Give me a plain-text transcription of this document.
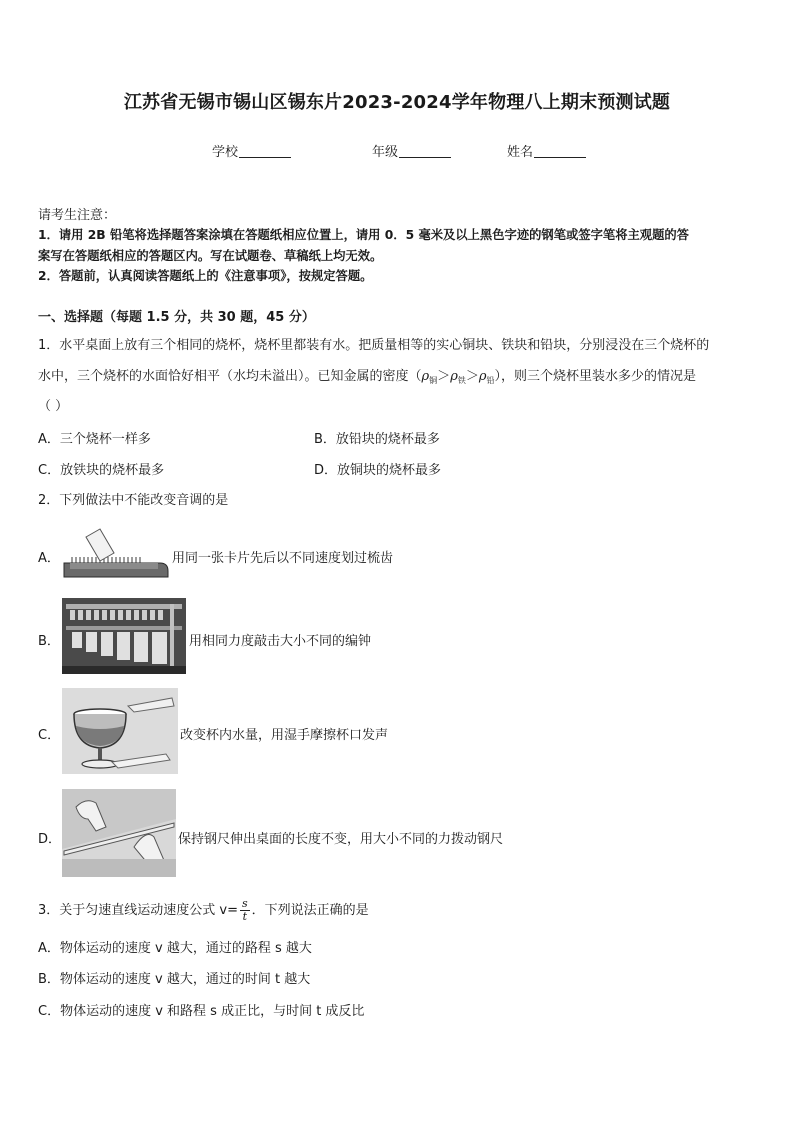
江苏省无锡市锡山区锡东片2023-2024学年物理八上期末预测试题
学校	年级	姓名
请考生注意：
1．请用 2B 铅笔将选择题答案涂填在答题纸相应位置上，请用 0．5 毫米及以上黑色字迹的钢笔或签字笔将主观题的答
案写在答题纸相应的答题区内。写在试题卷、草稿纸上均无效。
2．答题前，认真阅读答题纸上的《注意事项》，按规定答题。
一、选择题（每题 1.5 分，共 30 题，45 分）
1．水平桌面上放有三个相同的烧杯，烧杯里都装有水。把质量相等的实心铜块、铁块和铅块，分别浸没在三个烧杯的
水中，三个烧杯的水面恰好相平（水均未溢出）。已知金属的密度$(\rho_铜>\rho_铁>\rho_铅)$，则三个烧杯里装水多少的情况是
（ ）
A．三个烧杯一样多	B．放铅块的烧杯最多
C．放铁块的烧杯最多	D．放铜块的烧杯最多
2．下列做法中不能改变音调的是
A．	用同一张卡片先后以不同速度划过梳齿
B．	用相同力度敲击大小不同的编钟
C．	改变杯内水量，用湿手摩擦杯口发声
D．	保持钢尺伸出桌面的长度不变，用大小不同的力拨动钢尺
3．关于匀速直线运动速度公式 $v= \frac{s}{t}$ ．下列说法正确的是
A．物体运动的速度 v 越大，通过的路程 s 越大
B．物体运动的速度 v 越大，通过的时间 t 越大
C．物体运动的速度 v 和路程 s 成正比，与时间 t 成反比
